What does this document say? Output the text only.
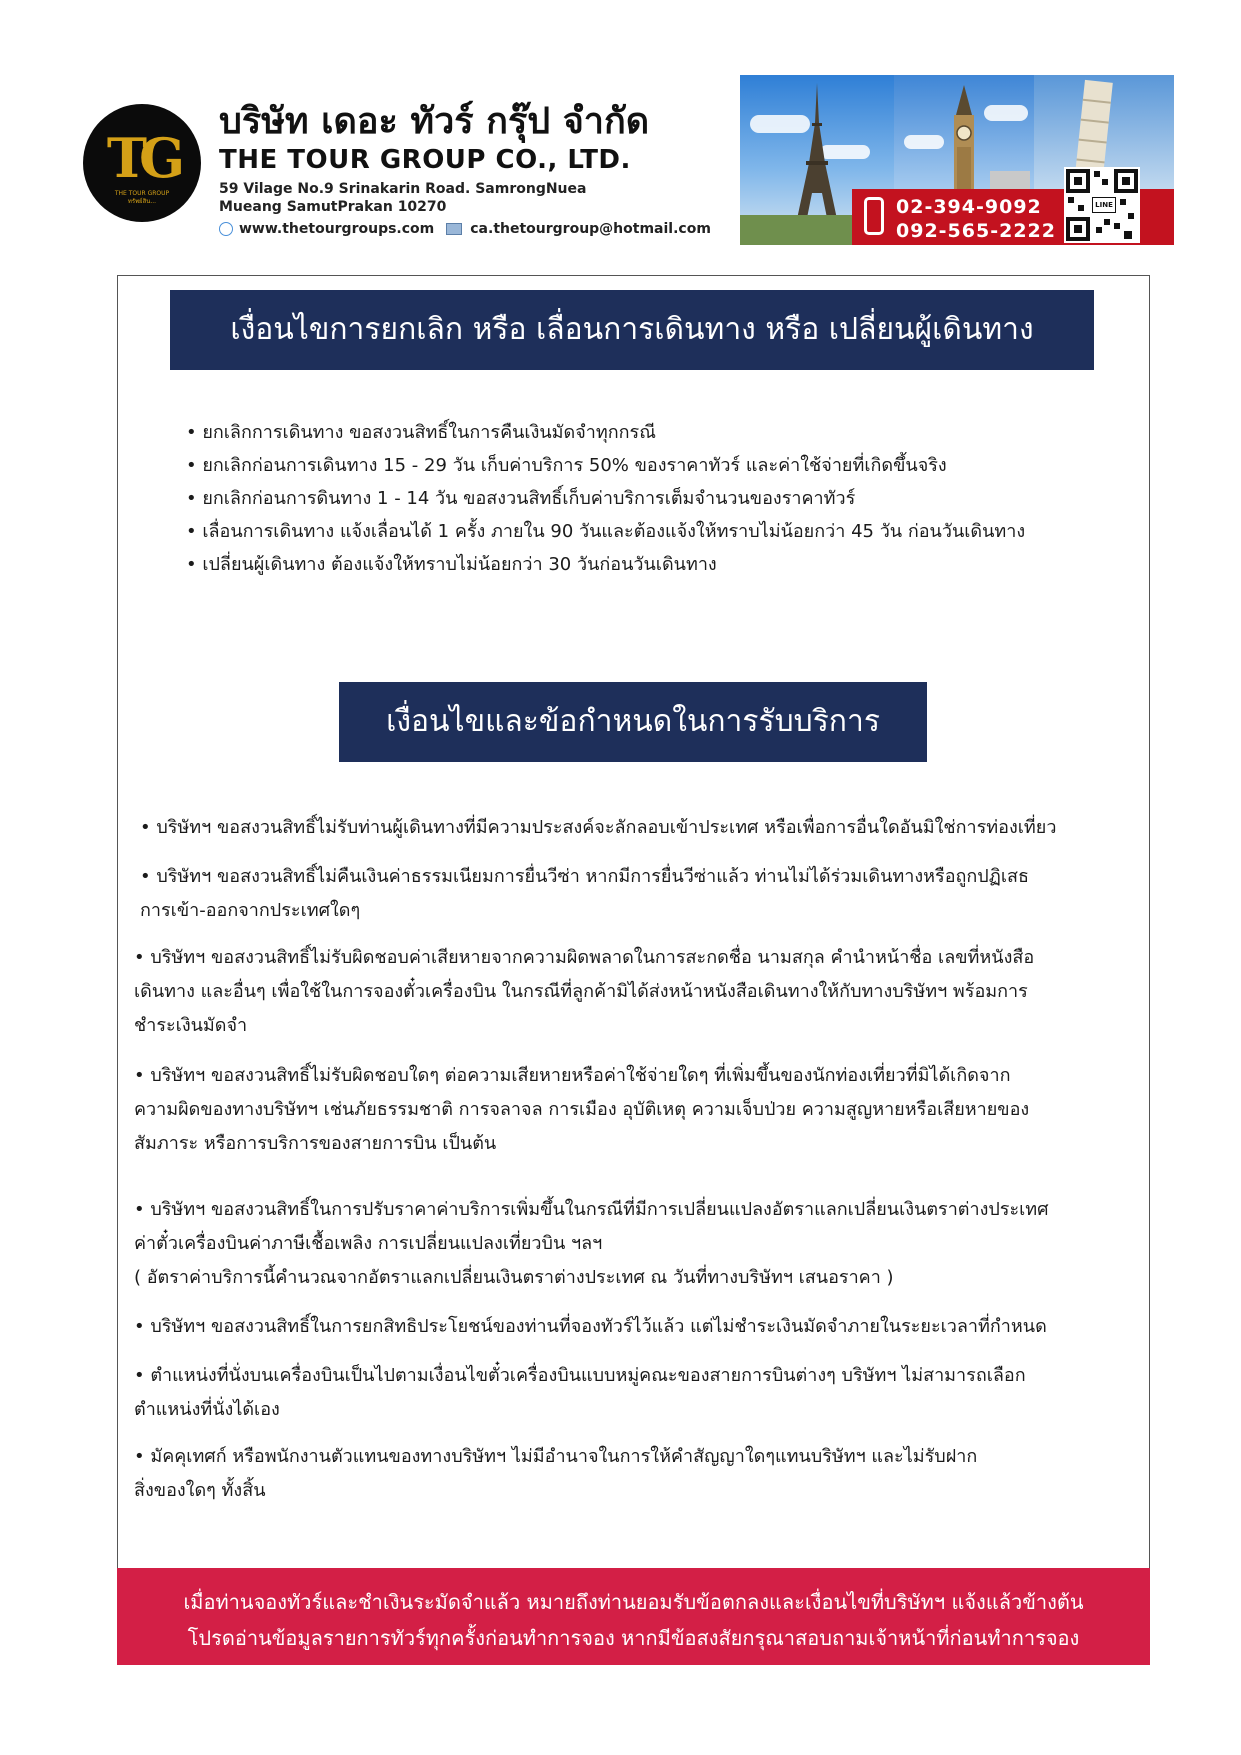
TG
THE TOUR GROUP
ทรัพย์สิน...
บริษัท เดอะ ทัวร์ กรุ๊ป จำกัด
THE TOUR GROUP CO., LTD.
59 Vilage No.9 Srinakarin Road. SamrongNuea
Mueang SamutPrakan 10270
www.thetourgroups.com	ca.thetourgroup@hotmail.com
02-394-9092
092-565-2222
LINE
เงื่อนไขการยกเลิก หรือ เลื่อนการเดินทาง หรือ เปลี่ยนผู้เดินทาง
• ยกเลิกการเดินทาง ขอสงวนสิทธิ์ในการคืนเงินมัดจำทุกกรณี
• ยกเลิกก่อนการเดินทาง 15 - 29 วัน เก็บค่าบริการ 50% ของราคาทัวร์ และค่าใช้จ่ายที่เกิดขึ้นจริง
• ยกเลิกก่อนการดินทาง 1 - 14 วัน ขอสงวนสิทธิ์เก็บค่าบริการเต็มจำนวนของราคาทัวร์
• เลื่อนการเดินทาง แจ้งเลื่อนได้ 1 ครั้ง ภายใน 90 วันและต้องแจ้งให้ทราบไม่น้อยกว่า 45 วัน ก่อนวันเดินทาง
• เปลี่ยนผู้เดินทาง ต้องแจ้งให้ทราบไม่น้อยกว่า 30 วันก่อนวันเดินทาง
เงื่อนไขและข้อกำหนดในการรับบริการ
• บริษัทฯ ขอสงวนสิทธิ์ไม่รับท่านผู้เดินทางที่มีความประสงค์จะลักลอบเข้าประเทศ หรือเพื่อการอื่นใดอันมิใช่การท่องเที่ยว
• บริษัทฯ ขอสงวนสิทธิ์ไม่คืนเงินค่าธรรมเนียมการยื่นวีซ่า หากมีการยื่นวีซ่าแล้ว ท่านไม่ได้ร่วมเดินทางหรือถูกปฏิเสธ
การเข้า-ออกจากประเทศใดๆ
• บริษัทฯ ขอสงวนสิทธิ์ไม่รับผิดชอบค่าเสียหายจากความผิดพลาดในการสะกดชื่อ นามสกุล คำนำหน้าชื่อ เลขที่หนังสือ
เดินทาง และอื่นๆ เพื่อใช้ในการจองตั๋วเครื่องบิน ในกรณีที่ลูกค้ามิได้ส่งหน้าหนังสือเดินทางให้กับทางบริษัทฯ พร้อมการ
ชำระเงินมัดจำ
• บริษัทฯ ขอสงวนสิทธิ์ไม่รับผิดชอบใดๆ ต่อความเสียหายหรือค่าใช้จ่ายใดๆ ที่เพิ่มขึ้นของนักท่องเที่ยวที่มิได้เกิดจาก
ความผิดของทางบริษัทฯ เช่นภัยธรรมชาติ การจลาจล การเมือง อุบัติเหตุ ความเจ็บป่วย ความสูญหายหรือเสียหายของ
สัมภาระ หรือการบริการของสายการบิน เป็นต้น
• บริษัทฯ ขอสงวนสิทธิ์ในการปรับราคาค่าบริการเพิ่มขึ้นในกรณีที่มีการเปลี่ยนแปลงอัตราแลกเปลี่ยนเงินตราต่างประเทศ
ค่าตั๋วเครื่องบินค่าภาษีเชื้อเพลิง การเปลี่ยนแปลงเที่ยวบิน ฯลฯ
( อัตราค่าบริการนี้คำนวณจากอัตราแลกเปลี่ยนเงินตราต่างประเทศ ณ วันที่ทางบริษัทฯ เสนอราคา )
• บริษัทฯ ขอสงวนสิทธิ์ในการยกสิทธิประโยชน์ของท่านที่จองทัวร์ไว้แล้ว แต่ไม่ชำระเงินมัดจำภายในระยะเวลาที่กำหนด
• ตำแหน่งที่นั่งบนเครื่องบินเป็นไปตามเงื่อนไขตั๋วเครื่องบินแบบหมู่คณะของสายการบินต่างๆ บริษัทฯ ไม่สามารถเลือก
ตำแหน่งที่นั่งได้เอง
• มัคคุเทศก์ หรือพนักงานตัวแทนของทางบริษัทฯ ไม่มีอำนาจในการให้คำสัญญาใดๆแทนบริษัทฯ และไม่รับฝาก
สิ่งของใดๆ ทั้งสิ้น
เมื่อท่านจองทัวร์และชำเงินระมัดจำแล้ว หมายถึงท่านยอมรับข้อตกลงและเงื่อนไขที่บริษัทฯ แจ้งแล้วข้างต้น
โปรดอ่านข้อมูลรายการทัวร์ทุกครั้งก่อนทำการจอง หากมีข้อสงสัยกรุณาสอบถามเจ้าหน้าที่ก่อนทำการจอง
